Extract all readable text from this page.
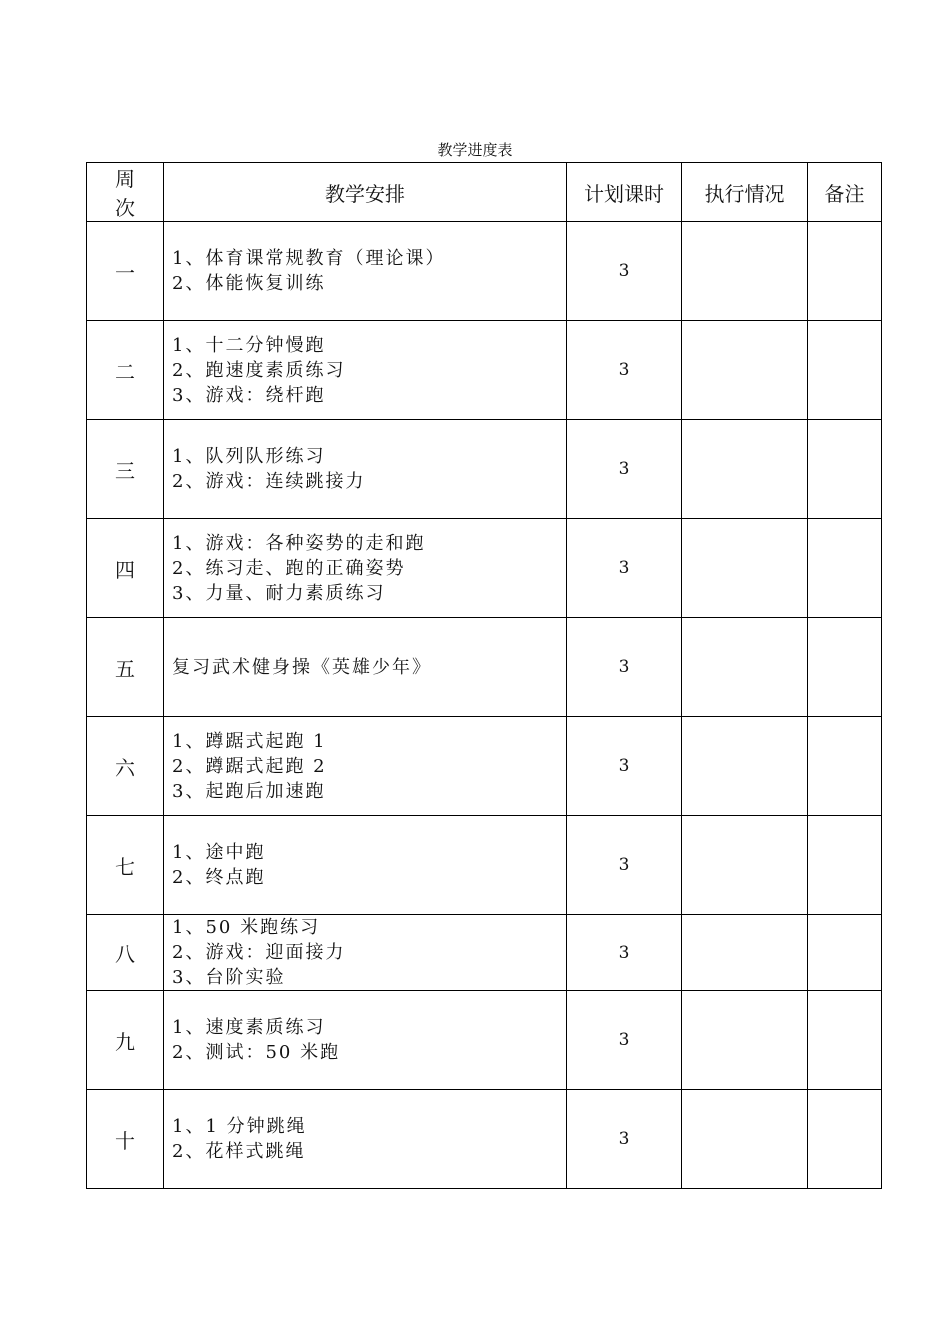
教学进度表
周 次	教学安排	计划课时	执行情况	备注
一	1、体育课常规教育（理论课）
2、体能恢复训练	3		
二	1、十二分钟慢跑
2、跑速度素质练习
3、游戏：绕杆跑	3		
三	1、队列队形练习
2、游戏：连续跳接力	3		
四	1、游戏：各种姿势的走和跑
2、练习走、跑的正确姿势
3、力量、耐力素质练习	3		
五	复习武术健身操《英雄少年》	3		
六	1、蹲踞式起跑 1
2、蹲踞式起跑 2
3、起跑后加速跑	3		
七	1、途中跑
2、终点跑	3		
八	1、50 米跑练习
2、游戏：迎面接力
3、台阶实验	3		
九	1、速度素质练习
2、测试：50 米跑	3		
十	1、1 分钟跳绳
2、花样式跳绳	3		
